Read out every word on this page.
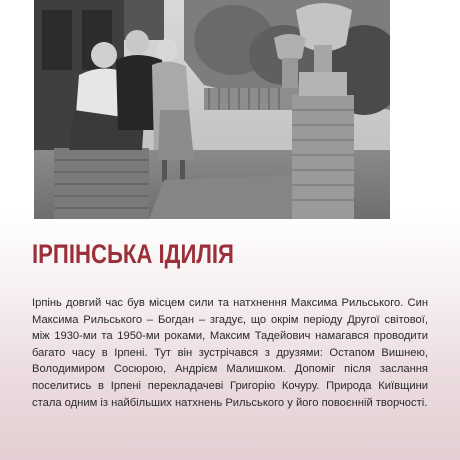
ІРПІНСЬКА ІДИЛІЯ

Ірпінь довгий час був місцем сили та натхнення Максима Рильського. Син Максима Рильського – Богдан – згадує, що окрім періоду Другої світової, між 1930-ми та 1950-ми роками, Максим Тадейович намагався проводити багато часу в Ірпені. Тут він зустрічався з друзями: Остапом Вишнею, Володимиром Сосюрою, Андрієм Малишком. Допоміг після заслання поселитись в Ірпені перекладачеві Григорію Кочуру. Природа Київщини стала одним із найбільших натхнень Рильського у його повоєнній творчості.
